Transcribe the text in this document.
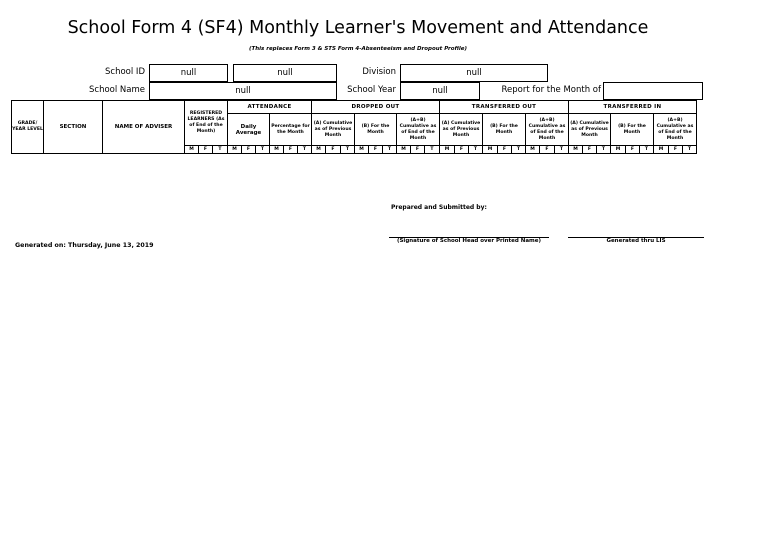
School Form 4 (SF4) Monthly Learner's Movement and Attendance
(This replaces Form 3 & STS Form 4-Absenteeism and Dropout Profile)
School ID	null	null	Division	null
School Name	null	School Year	null	Report for the Month of
GRADE/ YEAR LEVEL	SECTION	NAME OF ADVISER	REGISTERED LEARNERS (As of End of the Month)			ATTENDANCE						DROPPED OUT									TRANSFERRED OUT									TRANSFERRED IN								
						Daily Average			Percentage for the Month			(A) Cumulative as of Previous Month			(B) For the Month			(A+B) Cumulative as of End of the Month			(A) Cumulative as of Previous Month			(B) For the Month			(A+B) Cumulative as of End of the Month			(A) Cumulative as of Previous Month			(B) For the Month			(A+B) Cumulative as of End of the Month		
			M	F	T	M	F	T	M	F	T	M	F	T	M	F	T	M	F	T	M	F	T	M	F	T	M	F	T	M	F	T	M	F	T	M	F	T
Prepared and Submitted by:
Generated on: Thursday, June 13, 2019
(Signature of School Head over Printed Name)	Generated thru LIS
